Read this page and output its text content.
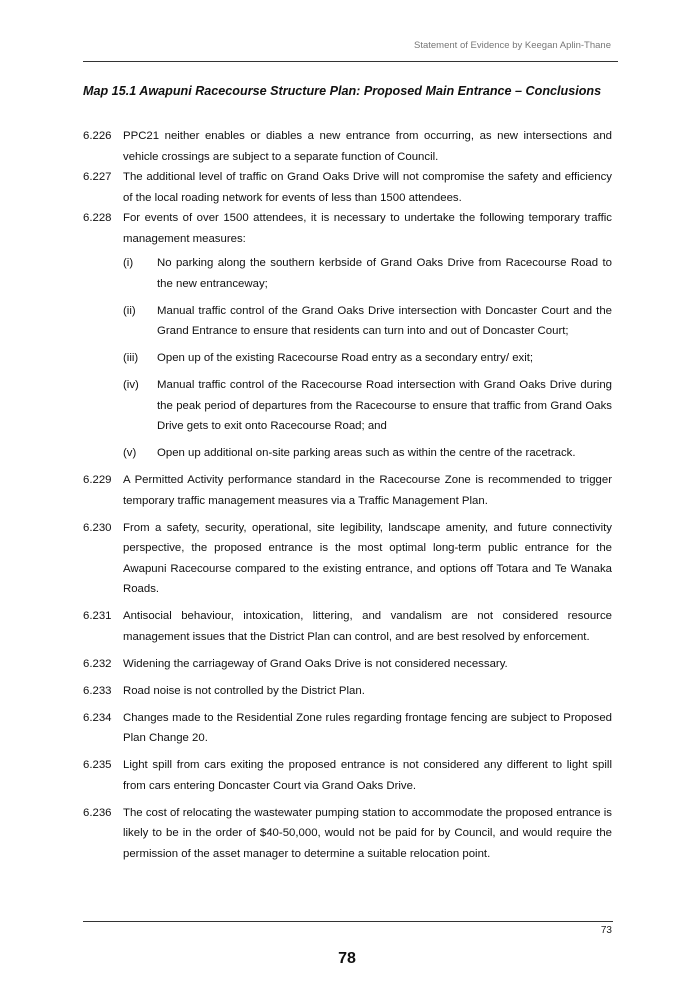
Statement of Evidence by Keegan Aplin-Thane
Map 15.1 Awapuni Racecourse Structure Plan: Proposed Main Entrance – Conclusions
6.226	PPC21 neither enables or diables a new entrance from occurring, as new intersections and vehicle crossings are subject to a separate function of Council.
6.227	The additional level of traffic on Grand Oaks Drive will not compromise the safety and efficiency of the local roading network for events of less than 1500 attendees.
6.228	For events of over 1500 attendees, it is necessary to undertake the following temporary traffic management measures:
(i)	No parking along the southern kerbside of Grand Oaks Drive from Racecourse Road to the new entranceway;
(ii)	Manual traffic control of the Grand Oaks Drive intersection with Doncaster Court and the Grand Entrance to ensure that residents can turn into and out of Doncaster Court;
(iii)	Open up of the existing Racecourse Road entry as a secondary entry/ exit;
(iv)	Manual traffic control of the Racecourse Road intersection with Grand Oaks Drive during the peak period of departures from the Racecourse to ensure that traffic from Grand Oaks Drive gets to exit onto Racecourse Road; and
(v)	Open up additional on-site parking areas such as within the centre of the racetrack.
6.229	A Permitted Activity performance standard in the Racecourse Zone is recommended to trigger temporary traffic management measures via a Traffic Management Plan.
6.230	From a safety, security, operational, site legibility, landscape amenity, and future connectivity perspective, the proposed entrance is the most optimal long-term public entrance for the Awapuni Racecourse compared to the existing entrance, and options off Totara and Te Wanaka Roads.
6.231	Antisocial behaviour, intoxication, littering, and vandalism are not considered resource management issues that the District Plan can control, and are best resolved by enforcement.
6.232	Widening the carriageway of Grand Oaks Drive is not considered necessary.
6.233	Road noise is not controlled by the District Plan.
6.234	Changes made to the Residential Zone rules regarding frontage fencing are subject to Proposed Plan Change 20.
6.235	Light spill from cars exiting the proposed entrance is not considered any different to light spill from cars entering Doncaster Court via Grand Oaks Drive.
6.236	The cost of relocating the wastewater pumping station to accommodate the proposed entrance is likely to be in the order of $40-50,000, would not be paid for by Council, and would require the permission of the asset manager to determine a suitable relocation point.
73
78
